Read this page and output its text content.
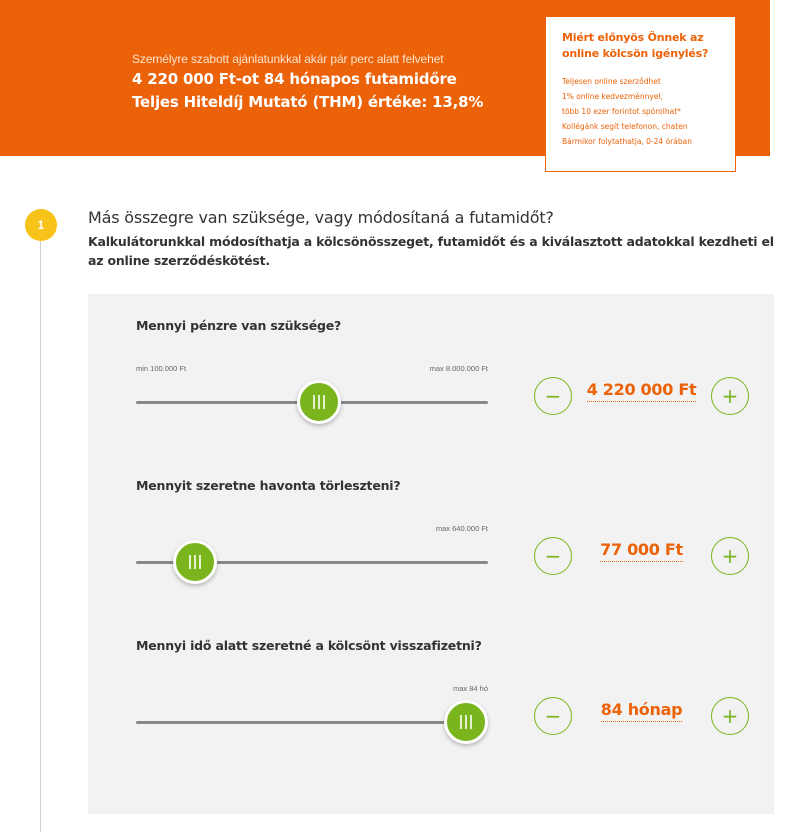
Személyre szabott ajánlatunkkal akár pár perc alatt felvehet
4 220 000 Ft-ot 84 hónapos futamidőre
Teljes Hiteldíj Mutató (THM) értéke: 13,8%
Miért előnyös Önnek az online kölcsön igénylés?
Teljesen online szerződhet
1% online kedvezménnyel,
több 10 ezer forintot spórolhat*
Kollégánk segít telefonon, chaten
Bármikor folytathatja, 0-24 órában
1	Más összegre van szüksége, vagy módosítaná a futamidőt?
Kalkulátorunkkal módosíthatja a kölcsönösszeget, futamidőt és a kiválasztott adatokkal kezdheti el az online szerződéskötést.
Mennyi pénzre van szüksége?
min 100.000 Ft	max 8.000.000 Ft
−	4 220 000 Ft	+
Mennyit szeretne havonta törleszteni?
max 640.000 Ft
−	77 000 Ft	+
Mennyi idő alatt szeretné a kölcsönt visszafizetni?
max 84 hó
−	84 hónap	+
